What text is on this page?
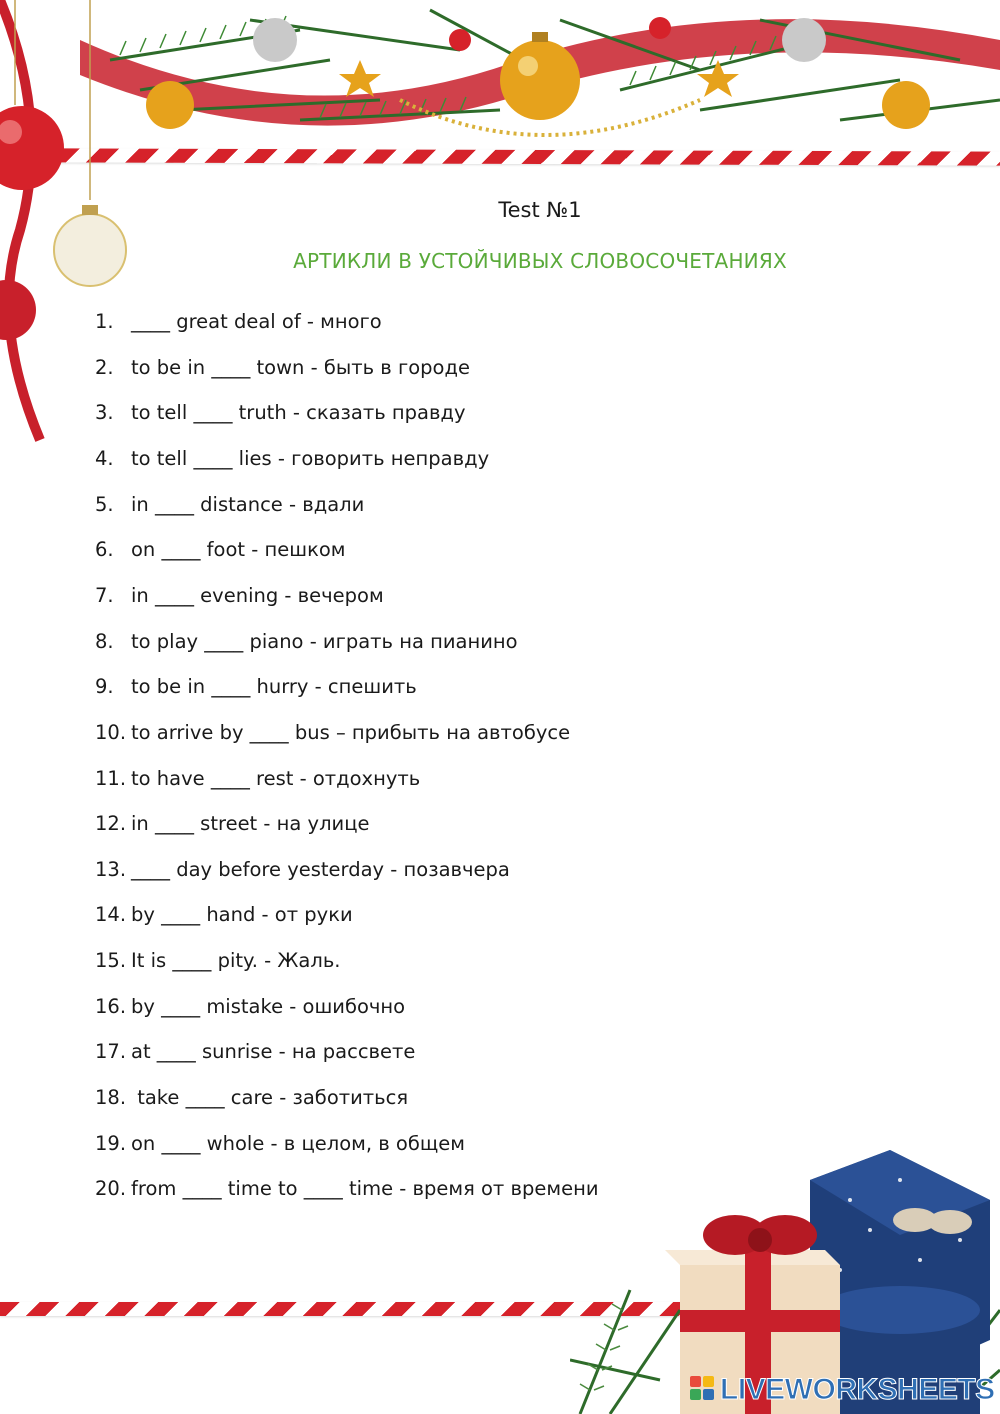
Test №1
АРТИКЛИ В УСТОЙЧИВЫХ СЛОВОСОЧЕТАНИЯХ
1. ____ great deal of - много
2. to be in ____ town - быть в городе
3. to tell ____ truth - сказать правду
4. to tell ____ lies - говорить неправду
5. in ____ distance - вдали
6. on ____ foot - пешком
7. in ____ evening - вечером
8. to play ____ piano - играть на пианино
9. to be in ____ hurry - спешить
10. to arrive by ____ bus – прибыть на автобусе
11. to have ____ rest - отдохнуть
12. in ____ street - на улице
13. ____ day before yesterday - позавчера
14. by ____ hand - от руки
15. It is ____ pity. - Жаль.
16. by ____ mistake - ошибочно
17. at ____ sunrise - на рассвете
18. take ____ care - заботиться
19. on ____ whole - в целом, в общем
20. from ____ time to ____ time - время от времени
LIVEWORKSHEETS
